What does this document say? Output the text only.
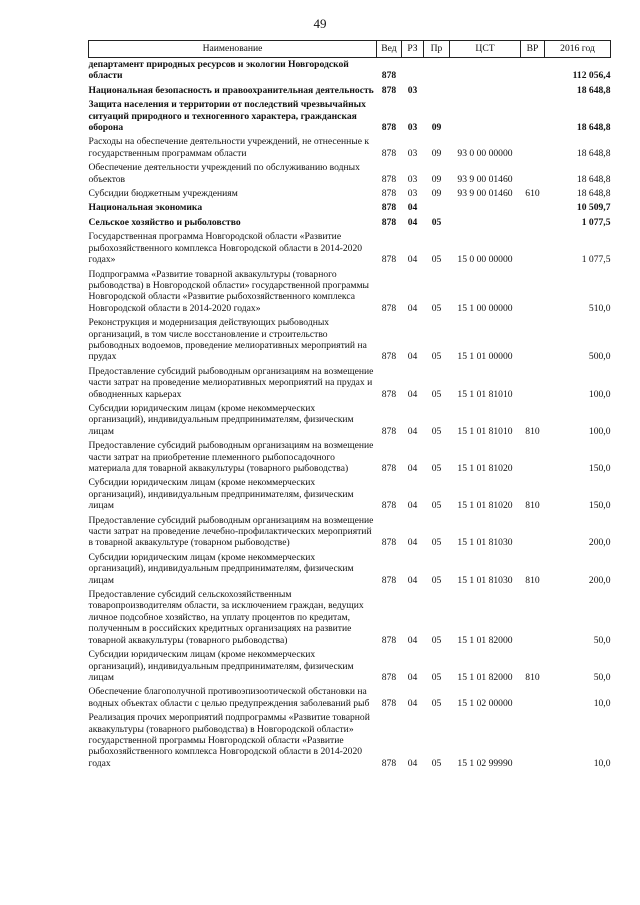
49
Наименование	Вед	РЗ	Пр	ЦСТ	ВР	2016 год
департамент природных ресурсов и экологии Новгородской области	878					112 056,4
Национальная безопасность и правоохранительная деятельность	878	03				18 648,8
Защита населения и территории от последствий чрезвычайных ситуаций природного и техногенного характера, гражданская оборона	878	03	09			18 648,8
Расходы на обеспечение деятельности учреждений, не отнесенные к государственным программам области	878	03	09	93 0 00 00000		18 648,8
Обеспечение деятельности учреждений по обслуживанию водных объектов	878	03	09	93 9 00 01460		18 648,8
Субсидии бюджетным учреждениям	878	03	09	93 9 00 01460	610	18 648,8
Национальная экономика	878	04				10 509,7
Сельское хозяйство и рыболовство	878	04	05			1 077,5
Государственная программа Новгородской области «Развитие рыбохозяйственного комплекса Новгородской области в 2014-2020 годах»	878	04	05	15 0 00 00000		1 077,5
Подпрограмма «Развитие товарной аквакультуры (товарного рыбоводства) в Новгородской области» государственной программы Новгородской области «Развитие рыбохозяйственного комплекса Новгородской области в 2014-2020 годах»	878	04	05	15 1 00 00000		510,0
Реконструкция и модернизация действующих рыбоводных организаций, в том числе восстановление и строительство рыбоводных водоемов, проведение мелиоративных мероприятий на прудах	878	04	05	15 1 01 00000		500,0
Предоставление субсидий рыбоводным организациям на возмещение части затрат на проведение мелиоративных мероприятий на прудах и обводненных карьерах	878	04	05	15 1 01 81010		100,0
Субсидии юридическим лицам (кроме некоммерческих организаций), индивидуальным предпринимателям, физическим лицам	878	04	05	15 1 01 81010	810	100,0
Предоставление субсидий рыбоводным организациям на возмещение части затрат на приобретение племенного рыбопосадочного материала для товарной аквакультуры (товарного рыбоводства)	878	04	05	15 1 01 81020		150,0
Субсидии юридическим лицам (кроме некоммерческих организаций), индивидуальным предпринимателям, физическим лицам	878	04	05	15 1 01 81020	810	150,0
Предоставление субсидий рыбоводным организациям на возмещение части затрат на проведение лечебно-профилактических мероприятий в товарной аквакультуре (товарном рыбоводстве)	878	04	05	15 1 01 81030		200,0
Субсидии юридическим лицам (кроме некоммерческих организаций), индивидуальным предпринимателям, физическим лицам	878	04	05	15 1 01 81030	810	200,0
Предоставление субсидий сельскохозяйственным товаропроизводителям области, за исключением граждан, ведущих личное подсобное хозяйство, на уплату процентов по кредитам, полученным в российских кредитных организациях на развитие товарной аквакультуры (товарного рыбоводства)	878	04	05	15 1 01 82000		50,0
Субсидии юридическим лицам (кроме некоммерческих организаций), индивидуальным предпринимателям, физическим лицам	878	04	05	15 1 01 82000	810	50,0
Обеспечение благополучной противоэпизоотической обстановки на водных объектах области с целью предупреждения заболеваний рыб	878	04	05	15 1 02 00000		10,0
Реализация прочих мероприятий подпрограммы «Развитие товарной аквакультуры (товарного рыбоводства) в Новгородской области» государственной программы Новгородской области «Развитие рыбохозяйственного комплекса Новгородской области в 2014-2020 годах	878	04	05	15 1 02 99990		10,0
